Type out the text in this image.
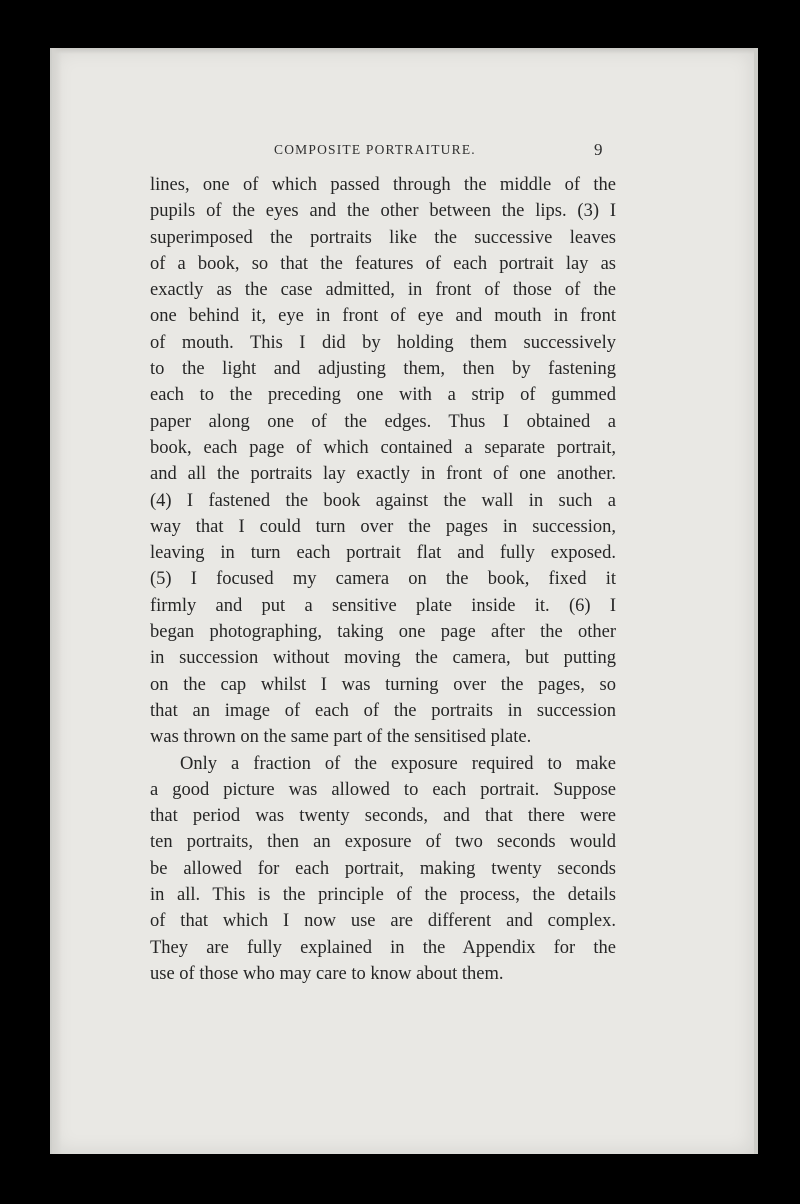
COMPOSITE PORTRAITURE.	9
lines, one of which passed through the middle of the
pupils of the eyes and the other between the lips. (3) I
superimposed the portraits like the successive leaves
of a book, so that the features of each portrait lay as
exactly as the case admitted, in front of those of the
one behind it, eye in front of eye and mouth in front
of mouth. This I did by holding them successively
to the light and adjusting them, then by fastening
each to the preceding one with a strip of gummed
paper along one of the edges. Thus I obtained a
book, each page of which contained a separate portrait,
and all the portraits lay exactly in front of one another.
(4) I fastened the book against the wall in such a
way that I could turn over the pages in succession,
leaving in turn each portrait flat and fully exposed.
(5) I focused my camera on the book, fixed it
firmly and put a sensitive plate inside it. (6) I
began photographing, taking one page after the other
in succession without moving the camera, but putting
on the cap whilst I was turning over the pages, so
that an image of each of the portraits in succession
was thrown on the same part of the sensitised plate.
Only a fraction of the exposure required to make
a good picture was allowed to each portrait. Suppose
that period was twenty seconds, and that there were
ten portraits, then an exposure of two seconds would
be allowed for each portrait, making twenty seconds
in all. This is the principle of the process, the details
of that which I now use are different and complex.
They are fully explained in the Appendix for the
use of those who may care to know about them.
